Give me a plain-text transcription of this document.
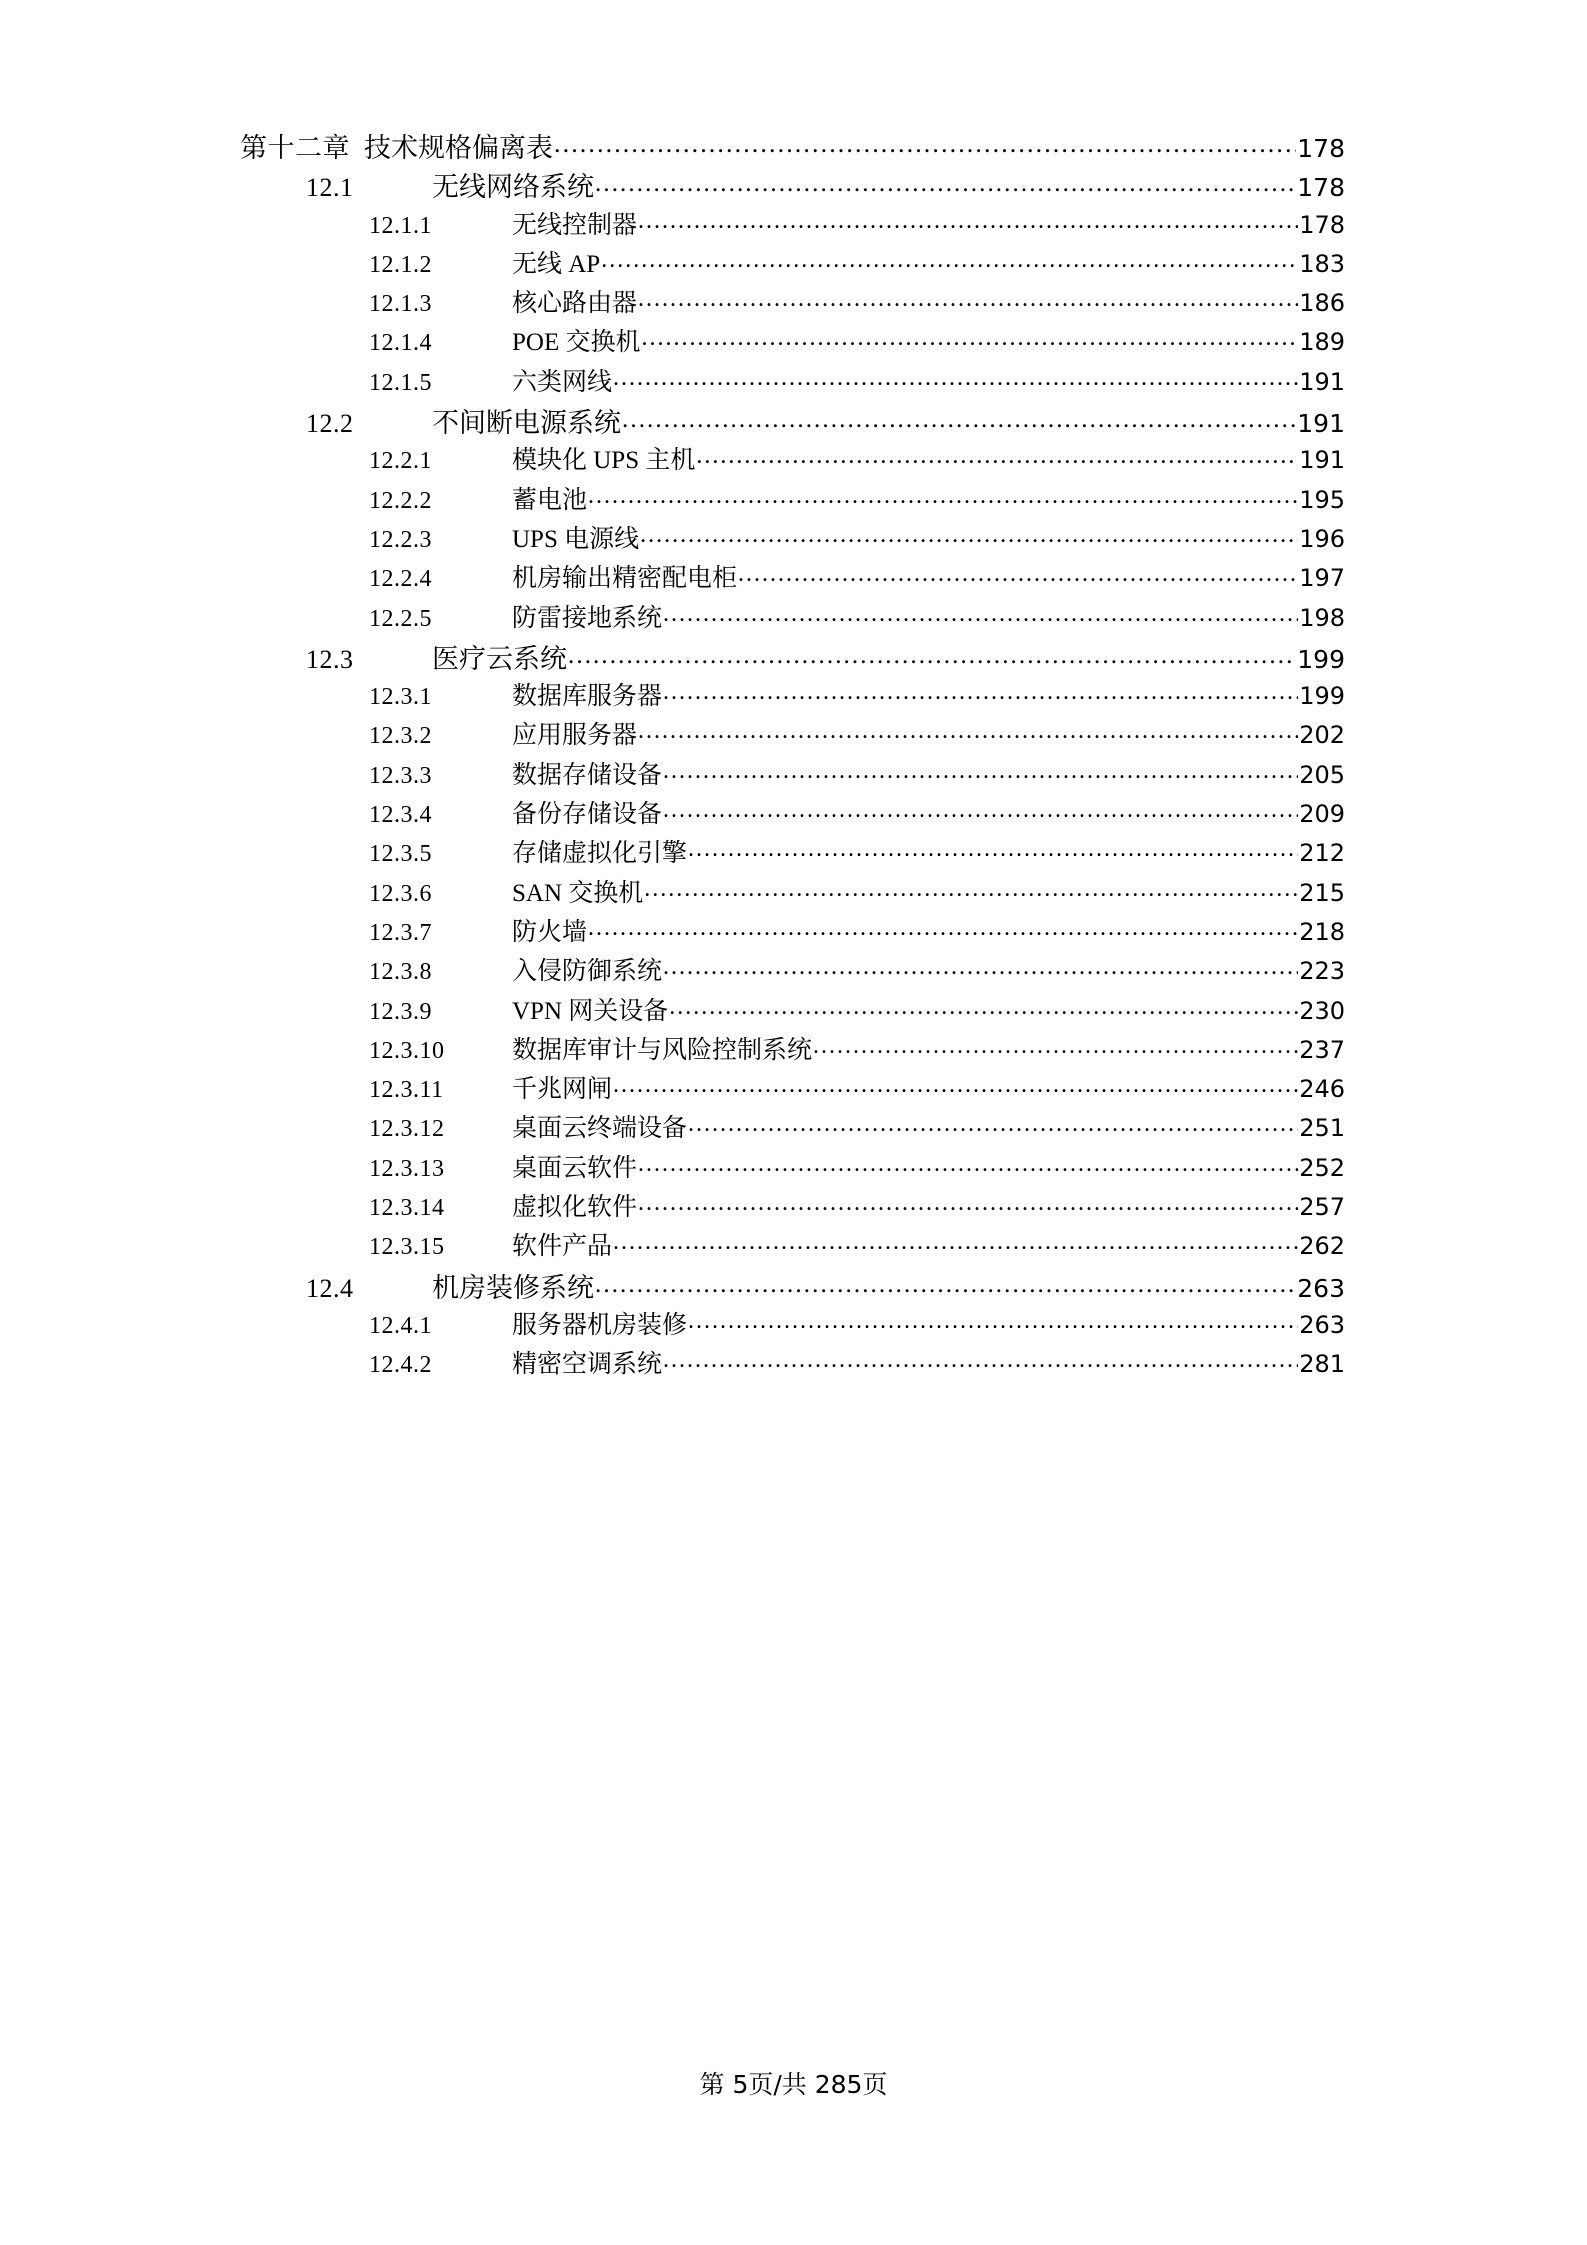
第十二章 技术规格偏离表 .....	178
12.1	无线网络系统 .....	178
12.1.1	无线控制器 .....	178
12.1.2	无线 AP .....	183
12.1.3	核心路由器 .....	186
12.1.4	POE 交换机 .....	189
12.1.5	六类网线 .....	191
12.2	不间断电源系统 .....	191
12.2.1	模块化 UPS 主机 .....	191
12.2.2	蓄电池 .....	195
12.2.3	UPS 电源线 .....	196
12.2.4	机房输出精密配电柜 .....	197
12.2.5	防雷接地系统 .....	198
12.3	医疗云系统 .....	199
12.3.1	数据库服务器 .....	199
12.3.2	应用服务器 .....	202
12.3.3	数据存储设备 .....	205
12.3.4	备份存储设备 .....	209
12.3.5	存储虚拟化引擎 .....	212
12.3.6	SAN 交换机 .....	215
12.3.7	防火墙 .....	218
12.3.8	入侵防御系统 .....	223
12.3.9	VPN 网关设备 .....	230
12.3.10	数据库审计与风险控制系统 .....	237
12.3.11	千兆网闸 .....	246
12.3.12	桌面云终端设备 .....	251
12.3.13	桌面云软件 .....	252
12.3.14	虚拟化软件 .....	257
12.3.15	软件产品 .....	262
12.4	机房装修系统 .....	263
12.4.1	服务器机房装修 .....	263
12.4.2	精密空调系统 .....	281
第 5页/共 285页
